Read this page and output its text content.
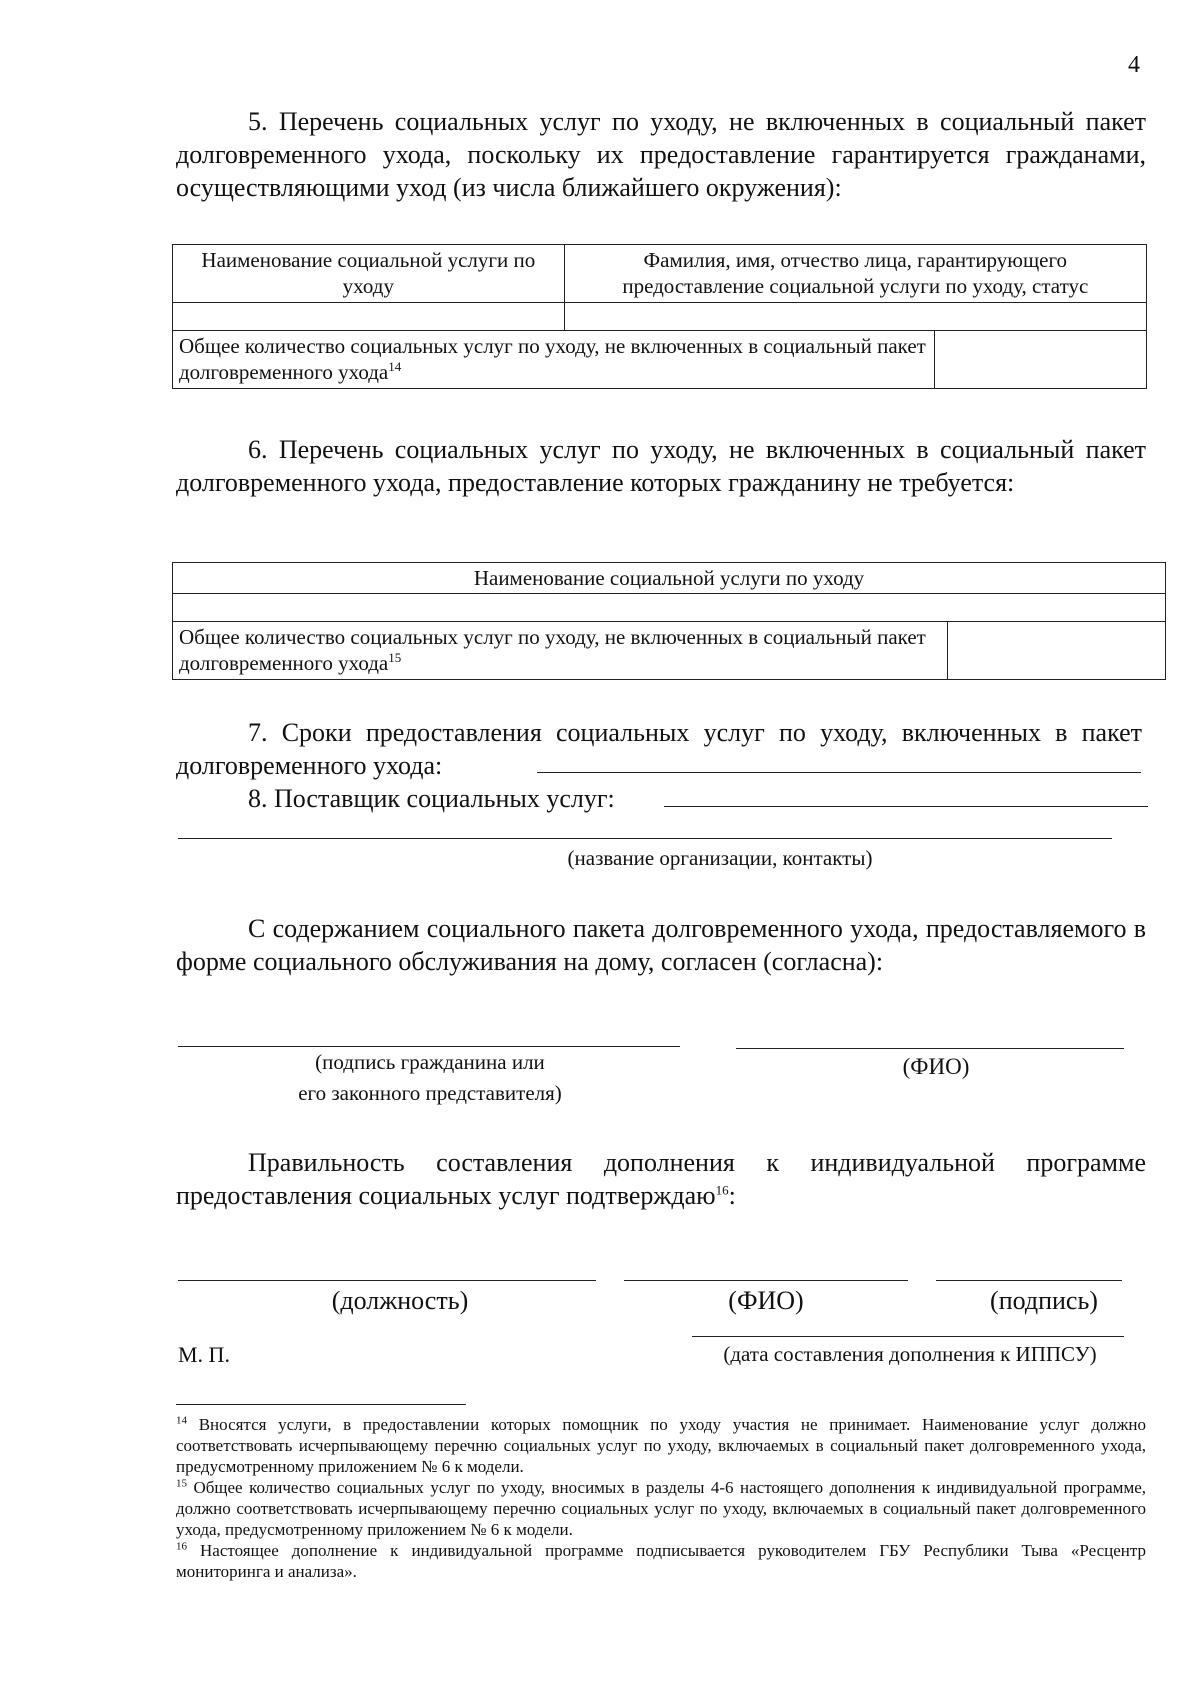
4
5. Перечень социальных услуг по уходу, не включенных в социальный пакет долговременного ухода, поскольку их предоставление гарантируется гражданами, осуществляющими уход (из числа ближайшего окружения):
Наименование социальной услуги по уходу	Фамилия, имя, отчество лица, гарантирующего предоставление социальной услуги по уходу, статус	

Общее количество социальных услуг по уходу, не включенных в социальный пакет долговременного ухода$^{14}$	
6. Перечень социальных услуг по уходу, не включенных в социальный пакет долговременного ухода, предоставление которых гражданину не требуется:
Наименование социальной услуги по уходу

Общее количество социальных услуг по уходу, не включенных в социальный пакет долговременного ухода$^{15}$	
7. Сроки предоставления социальных услуг по уходу, включенных в пакет долговременного ухода:
8. Поставщик социальных услуг:
(название организации, контакты)
С содержанием социального пакета долговременного ухода, предоставляемого в форме социального обслуживания на дому, согласен (согласна):
(подпись гражданина или
его законного представителя)
(ФИО)
Правильность составления дополнения к индивидуальной программе предоставления социальных услуг подтверждаю$^{16}$:
(должность)	(ФИО)	(подпись)
М. П.	(дата составления дополнения к ИППСУ)

$^{14}$ Вносятся услуги, в предоставлении которых помощник по уходу участия не принимает. Наименование услуг должно соответствовать исчерпывающему перечню социальных услуг по уходу, включаемых в социальный пакет долговременного ухода, предусмотренному приложением № 6 к модели.

$^{15}$ Общее количество социальных услуг по уходу, вносимых в разделы 4-6 настоящего дополнения к индивидуальной программе, должно соответствовать исчерпывающему перечню социальных услуг по уходу, включаемых в социальный пакет долговременного ухода, предусмотренному приложением № 6 к модели.

$^{16}$ Настоящее дополнение к индивидуальной программе подписывается руководителем ГБУ Республики Тыва «Ресцентр мониторинга и анализа».
